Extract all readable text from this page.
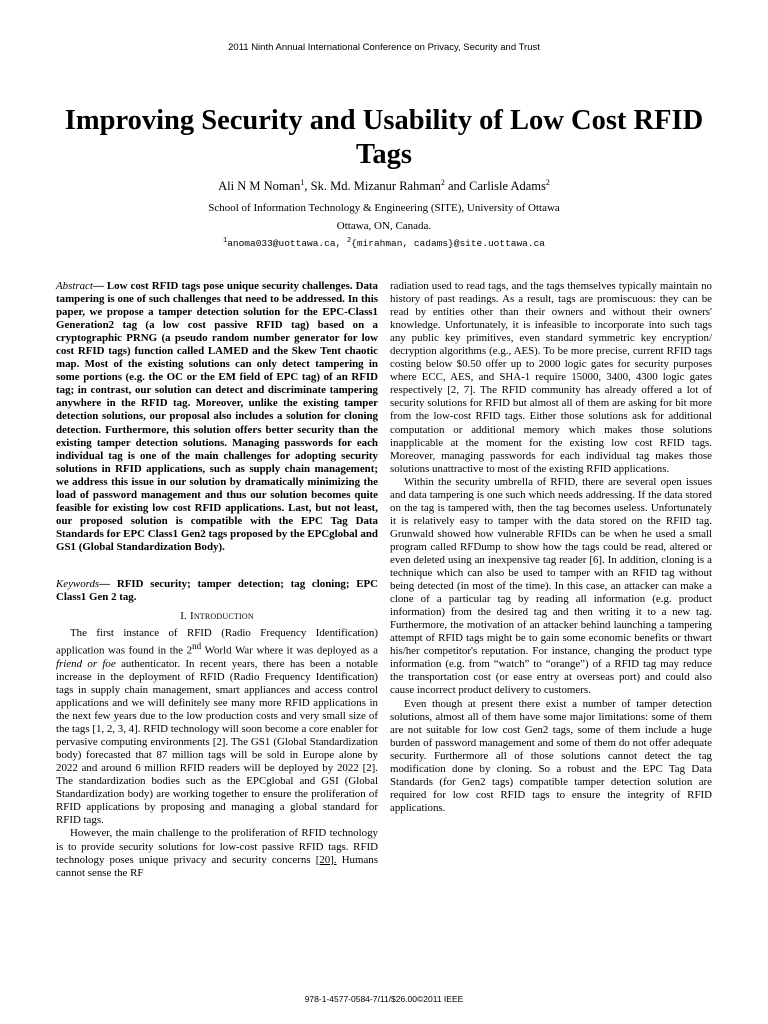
2011 Ninth Annual International Conference on Privacy, Security and Trust
Improving Security and Usability of Low Cost RFID Tags
Ali N M Noman$^1$, Sk. Md. Mizanur Rahman$^2$ and Carlisle Adams$^2$
School of Information Technology & Engineering (SITE), University of Ottawa
Ottawa, ON, Canada.
$^1$anoma033@uottawa.ca, $^2${mirahman, cadams}@site.uottawa.ca

Abstract— Low cost RFID tags pose unique security challenges. Data tampering is one of such challenges that need to be addressed. In this paper, we propose a tamper detection solution for the EPC-Class1 Generation2 tag (a low cost passive RFID tag) based on a cryptographic PRNG (a pseudo random number generator for low cost RFID tags) function called LAMED and the Skew Tent chaotic map. Most of the existing solutions can only detect tampering in some portions (e.g. the OC or the EM field of EPC tag) of an RFID tag; in contrast, our solution can detect and discriminate tampering anywhere in the RFID tag. Moreover, unlike the existing tamper detection solutions, our proposal also includes a solution for cloning detection. Furthermore, this solution offers better security than the existing tamper detection solutions. Managing passwords for each individual tag is one of the main challenges for adopting security solutions in RFID applications, such as supply chain management; we address this issue in our solution by dramatically minimizing the load of password management and thus our solution becomes quite feasible for existing low cost RFID applications. Last, but not least, our proposed solution is compatible with the EPC Tag Data Standards for EPC Class1 Gen2 tags proposed by the EPCglobal and GS1 (Global Standardization Body).

Keywords— RFID security; tamper detection; tag cloning; EPC Class1 Gen 2 tag.

I. Introduction

The first instance of RFID (Radio Frequency Identification) application was found in the 2nd World War where it was deployed as a friend or foe authenticator. In recent years, there has been a notable increase in the deployment of RFID (Radio Frequency Identification) tags in supply chain management, smart appliances and access control applications and we will definitely see many more RFID applications in the next few years due to the low production costs and very small size of the tags [1, 2, 3, 4]. RFID technology will soon become a core enabler for pervasive computing environments [2]. The GS1 (Global Standardization body) forecasted that 87 million tags will be sold in Europe alone by 2022 and around 6 million RFID readers will be deployed by 2022 [2]. The standardization bodies such as the EPCglobal and GSI (Global Standardization body) are working together to ensure the proliferation of RFID applications by proposing and managing a global standard for RFID tags.

However, the main challenge to the proliferation of RFID technology is to provide security solutions for low-cost passive RFID tags. RFID technology poses unique privacy and security concerns [20]. Humans cannot sense the RF

radiation used to read tags, and the tags themselves typically maintain no history of past readings. As a result, tags are promiscuous: they can be read by entities other than their owners and without their owners' knowledge. Unfortunately, it is infeasible to incorporate into such tags any public key primitives, even standard symmetric key encryption/ decryption algorithms (e.g., AES). To be more precise, current RFID tags costing below $0.50 offer up to 2000 logic gates for security purposes where ECC, AES, and SHA-1 require 15000, 3400, 4300 logic gates respectively [2, 7]. The RFID community has already offered a lot of security solutions for RFID but almost all of them are asking for bit more from the low-cost RFID tags. Either those solutions ask for additional computation or additional memory which makes those solutions inapplicable at the moment for the existing low cost RFID tags. Moreover, managing passwords for each individual tag makes those solutions unattractive to most of the existing RFID applications.

Within the security umbrella of RFID, there are several open issues and data tampering is one such which needs addressing. If the data stored on the tag is tampered with, then the tag becomes useless. Unfortunately it is relatively easy to tamper with the data stored on the RFID tag. Grunwald showed how vulnerable RFIDs can be when he used a small program called RFDump to show how the tags could be read, altered or even deleted using an inexpensive tag reader [6]. In addition, cloning is a technique which can also be used to tamper with an RFID tag without being detected (in most of the time). In this case, an attacker can make a clone of a particular tag by reading all information (e.g. product information) from the desired tag and then writing it to a new tag. Furthermore, the motivation of an attacker behind launching a tampering attempt of RFID tags might be to gain some economic benefits or thwart his/her competitor's reputation. For instance, changing the product type information (e.g. from “watch” to “orange”) of a RFID tag may reduce the transportation cost (or ease entry at overseas port) and could also cause incorrect product delivery to customers.

Even though at present there exist a number of tamper detection solutions, almost all of them have some major limitations: some of them are not suitable for low cost Gen2 tags, some of them include a huge burden of password management and some of them do not offer adequate security. Furthermore all of those solutions cannot detect the tag modification done by cloning. So a robust and the EPC Tag Data Standards (for Gen2 tags) compatible tamper detection solution are required for low cost RFID tags to ensure the integrity of RFID applications.

978-1-4577-0584-7/11/$26.00©2011 IEEE
